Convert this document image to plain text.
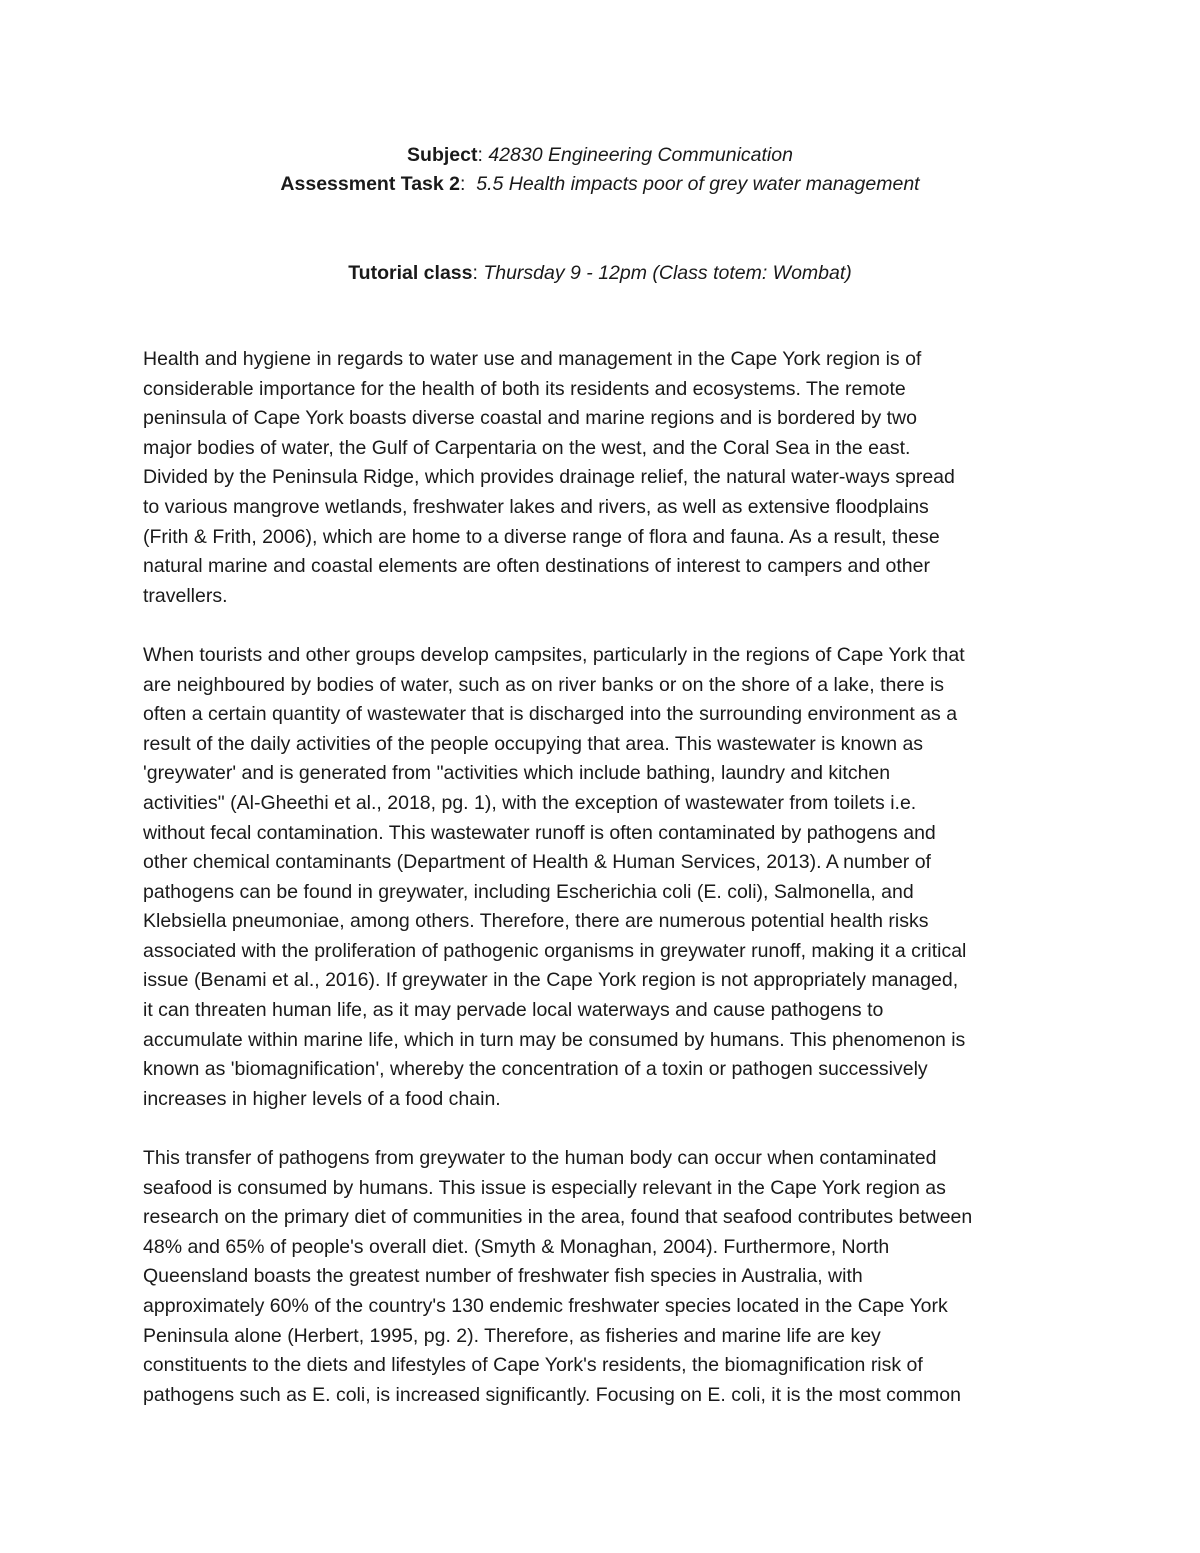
Subject: 42830 Engineering Communication
Assessment Task 2:  5.5 Health impacts poor of grey water management
Tutorial class: Thursday 9 - 12pm (Class totem: Wombat)
Health and hygiene in regards to water use and management in the Cape York region is of
considerable importance for the health of both its residents and ecosystems. The remote
peninsula of Cape York boasts diverse coastal and marine regions and is bordered by two
major bodies of water, the Gulf of Carpentaria on the west, and the Coral Sea in the east.
Divided by the Peninsula Ridge, which provides drainage relief, the natural water-ways spread
to various mangrove wetlands, freshwater lakes and rivers, as well as extensive floodplains
(Frith & Frith, 2006), which are home to a diverse range of flora and fauna. As a result, these
natural marine and coastal elements are often destinations of interest to campers and other
travellers.
When tourists and other groups develop campsites, particularly in the regions of Cape York that
are neighboured by bodies of water, such as on river banks or on the shore of a lake, there is
often a certain quantity of wastewater that is discharged into the surrounding environment as a
result of the daily activities of the people occupying that area. This wastewater is known as
'greywater' and is generated from "activities which include bathing, laundry and kitchen
activities" (Al-Gheethi et al., 2018, pg. 1), with the exception of wastewater from toilets i.e.
without fecal contamination. This wastewater runoff is often contaminated by pathogens and
other chemical contaminants (Department of Health & Human Services, 2013). A number of
pathogens can be found in greywater, including Escherichia coli (E. coli), Salmonella, and
Klebsiella pneumoniae, among others. Therefore, there are numerous potential health risks
associated with the proliferation of pathogenic organisms in greywater runoff, making it a critical
issue (Benami et al., 2016). If greywater in the Cape York region is not appropriately managed,
it can threaten human life, as it may pervade local waterways and cause pathogens to
accumulate within marine life, which in turn may be consumed by humans. This phenomenon is
known as 'biomagnification', whereby the concentration of a toxin or pathogen successively
increases in higher levels of a food chain.
This transfer of pathogens from greywater to the human body can occur when contaminated
seafood is consumed by humans. This issue is especially relevant in the Cape York region as
research on the primary diet of communities in the area, found that seafood contributes between
48% and 65% of people's overall diet. (Smyth & Monaghan, 2004). Furthermore, North
Queensland boasts the greatest number of freshwater fish species in Australia, with
approximately 60% of the country's 130 endemic freshwater species located in the Cape York
Peninsula alone (Herbert, 1995, pg. 2). Therefore, as fisheries and marine life are key
constituents to the diets and lifestyles of Cape York's residents, the biomagnification risk of
pathogens such as E. coli, is increased significantly. Focusing on E. coli, it is the most common
